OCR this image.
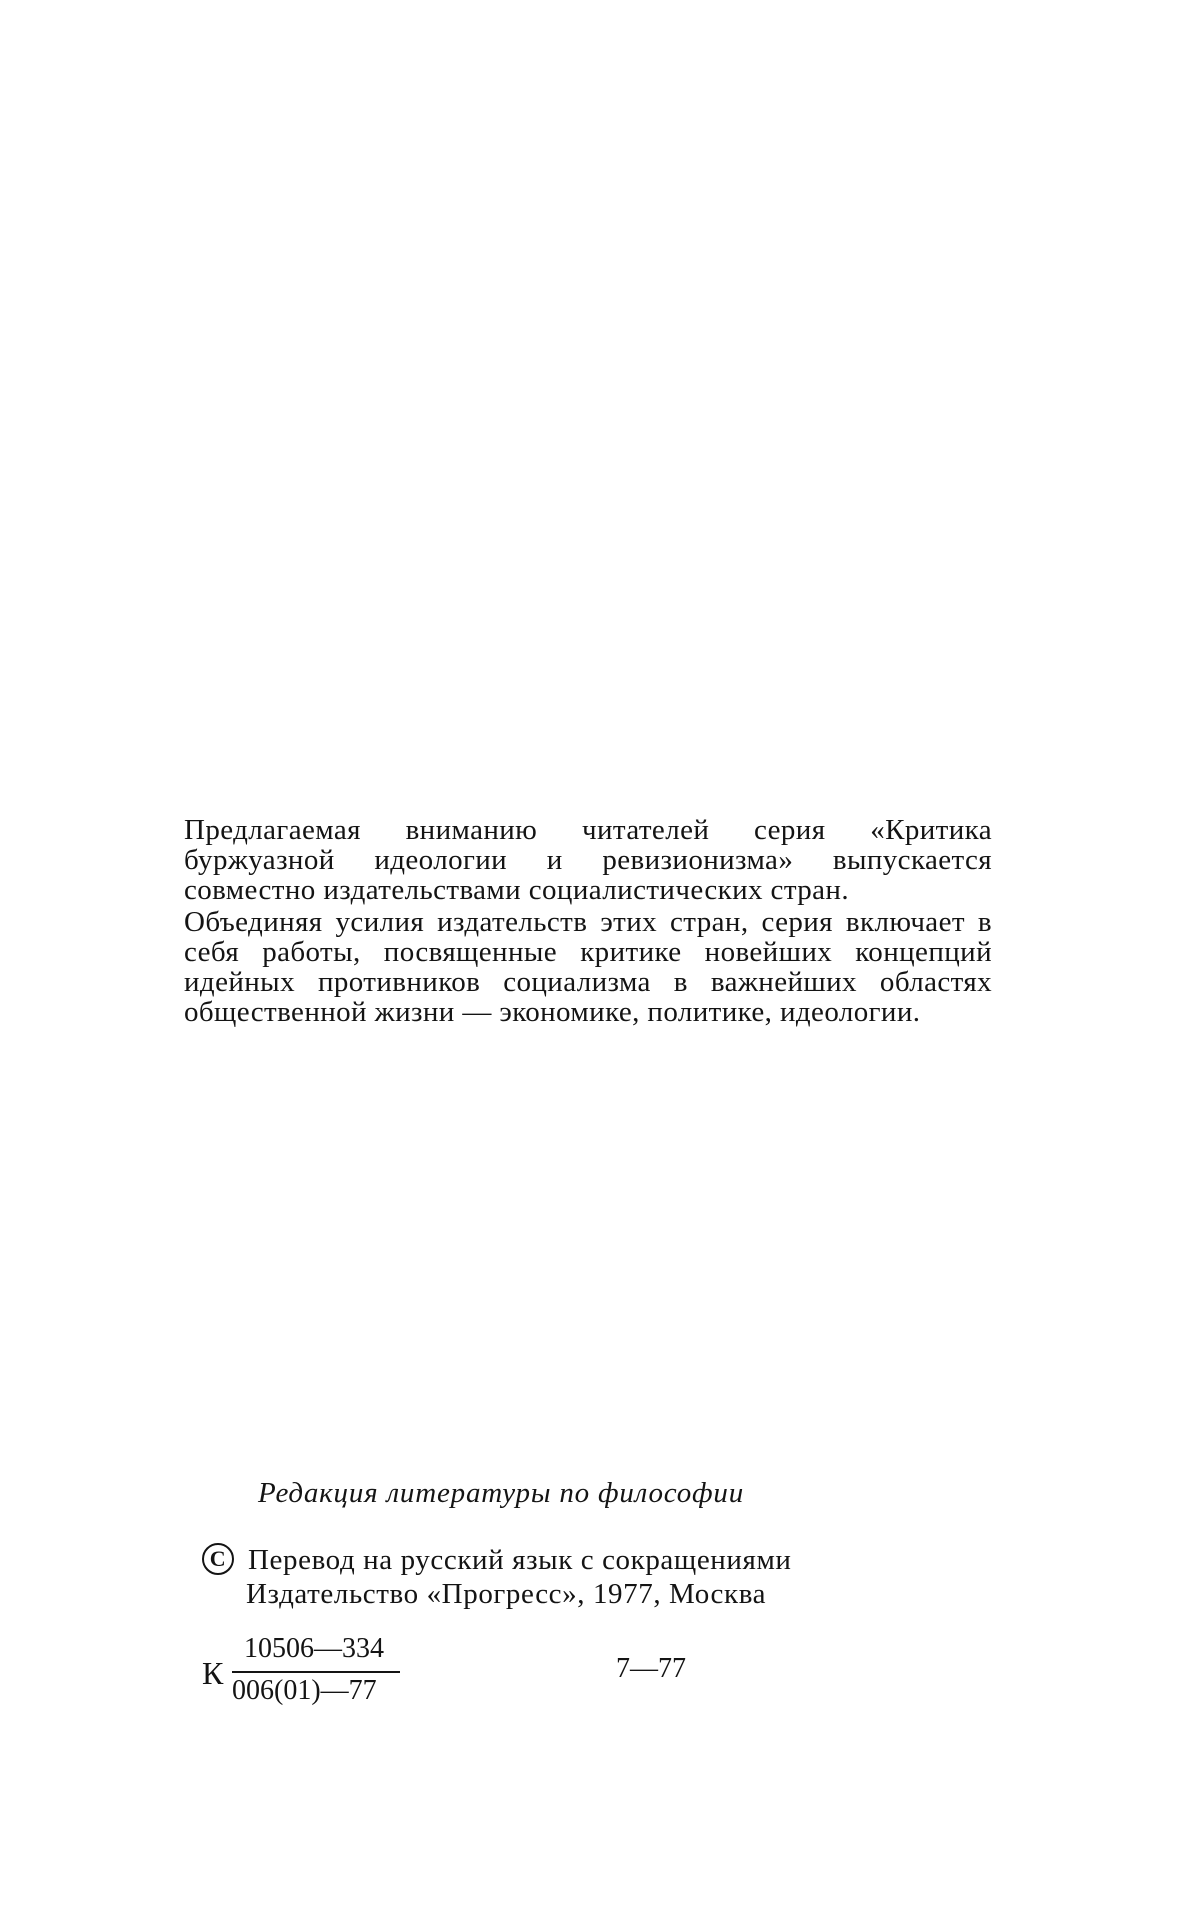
Предлагаемая вниманию читателей серия «Критика буржуазной идеологии и ревизионизма» выпускается совместно издательствами социалистических стран.

Объединяя усилия издательств этих стран, серия включает в себя работы, посвященные критике новейших концепций идейных противников социализма в важнейших областях общественной жизни — экономике, политике, идеологии.

Редакция литературы по философии
C Перевод на русский язык с сокращениями
Издательство «Прогресс», 1977, Москва
К
10506—334
006(01)—77
7—77
